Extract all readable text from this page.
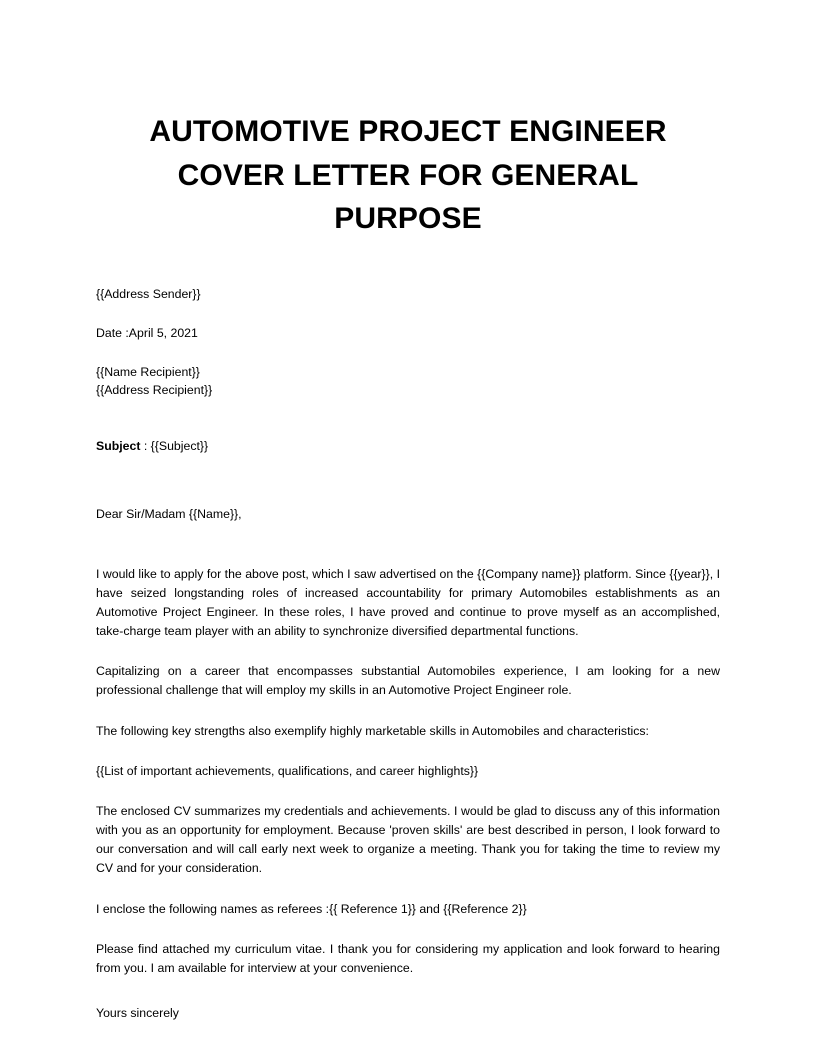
AUTOMOTIVE PROJECT ENGINEER COVER LETTER FOR GENERAL PURPOSE
{{Address Sender}}
Date :April 5, 2021
{{Name Recipient}}
{{Address Recipient}}
Subject : {{Subject}}
Dear Sir/Madam {{Name}},
I would like to apply for the above post, which I saw advertised on the {{Company name}} platform. Since {{year}}, I have seized longstanding roles of increased accountability for primary Automobiles establishments as an Automotive Project Engineer. In these roles, I have proved and continue to prove myself as an accomplished, take-charge team player with an ability to synchronize diversified departmental functions.
Capitalizing on a career that encompasses substantial Automobiles experience, I am looking for a new professional challenge that will employ my skills in an Automotive Project Engineer role.
The following key strengths also exemplify highly marketable skills in Automobiles and characteristics:
{{List of important achievements, qualifications, and career highlights}}
The enclosed CV summarizes my credentials and achievements. I would be glad to discuss any of this information with you as an opportunity for employment. Because 'proven skills' are best described in person, I look forward to our conversation and will call early next week to organize a meeting. Thank you for taking the time to review my CV and for your consideration.
I enclose the following names as referees :{{ Reference 1}} and {{Reference 2}}
Please find attached my curriculum vitae. I thank you for considering my application and look forward to hearing from you. I am available for interview at your convenience.
Yours sincerely
